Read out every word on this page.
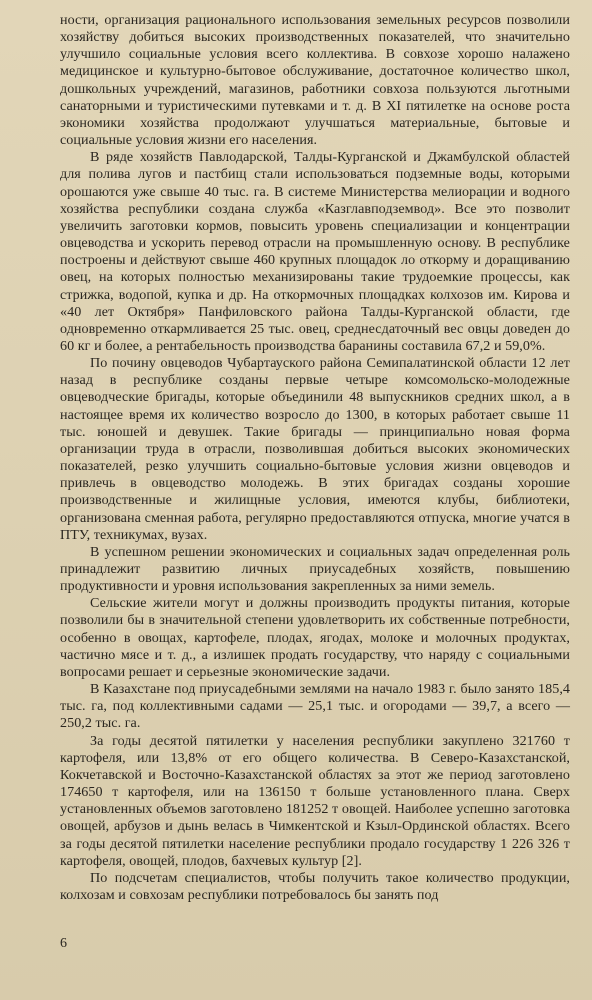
ности, организация рационального использования земельных ресурсов позволили хозяйству добиться высоких производственных показателей, что значительно улучшило социальные условия всего коллектива. В совхозе хорошо налажено медицинское и культурно-бытовое обслуживание, достаточное количество школ, дошкольных учреждений, магазинов, работники совхоза пользуются льготными санаторными и туристическими путевками и т. д. В XI пятилетке на основе роста экономики хозяйства продолжают улучшаться материальные, бытовые и социальные условия жизни его населения.

В ряде хозяйств Павлодарской, Талды-Курганской и Джамбулской областей для полива лугов и пастбищ стали использоваться подземные воды, которыми орошаются уже свыше 40 тыс. га. В системе Министерства мелиорации и водного хозяйства республики создана служба «Казглавподземвод». Все это позволит увеличить заготовки кормов, повысить уровень специализации и концентрации овцеводства и ускорить перевод отрасли на промышленную основу. В республике построены и действуют свыше 460 крупных площадок ло откорму и доращиванию овец, на которых полностью механизированы такие трудоемкие процессы, как стрижка, водопой, купка и др. На откормочных площадках колхозов им. Кирова и «40 лет Октября» Панфиловского района Талды-Курганской области, где одновременно откармливается 25 тыс. овец, среднесдаточный вес овцы доведен до 60 кг и более, а рентабельность производства баранины составила 67,2 и 59,0%.

По почину овцеводов Чубартауского района Семипалатинской области 12 лет назад в республике созданы первые четыре комсомольско-молодежные овцеводческие бригады, которые объединили 48 выпускников средних школ, а в настоящее время их количество возросло до 1300, в которых работает свыше 11 тыс. юношей и девушек. Такие бригады — принципиально новая форма организации труда в отрасли, позволившая добиться высоких экономических показателей, резко улучшить социально-бытовые условия жизни овцеводов и привлечь в овцеводство молодежь. В этих бригадах созданы хорошие производственные и жилищные условия, имеются клубы, библиотеки, организована сменная работа, регулярно предоставляются отпуска, многие учатся в ПТУ, техникумах, вузах.

В успешном решении экономических и социальных задач определенная роль принадлежит развитию личных приусадебных хозяйств, повышению продуктивности и уровня использования закрепленных за ними земель.

Сельские жители могут и должны производить продукты питания, которые позволили бы в значительной степени удовлетворить их собственные потребности, особенно в овощах, картофеле, плодах, ягодах, молоке и молочных продуктах, частично мясе и т. д., а излишек продать государству, что наряду с социальными вопросами решает и серьезные экономические задачи.

В Казахстане под приусадебными землями на начало 1983 г. было занято 185,4 тыс. га, под коллективными садами — 25,1 тыс. и огородами — 39,7, а всего — 250,2 тыс. га.

За годы десятой пятилетки у населения республики закуплено 321760 т картофеля, или 13,8% от его общего количества. В Северо-Казахстанской, Кокчетавской и Восточно-Казахстанской областях за этот же период заготовлено 174650 т картофеля, или на 136150 т больше установленного плана. Сверх установленных объемов заготовлено 181252 т овощей. Наиболее успешно заготовка овощей, арбузов и дынь велась в Чимкентской и Кзыл-Ординской областях. Всего за годы десятой пятилетки население республики продало государству 1 226 326 т картофеля, овощей, плодов, бахчевых культур [2].

По подсчетам специалистов, чтобы получить такое количество продукции, колхозам и совхозам республики потребовалось бы занять под

6
